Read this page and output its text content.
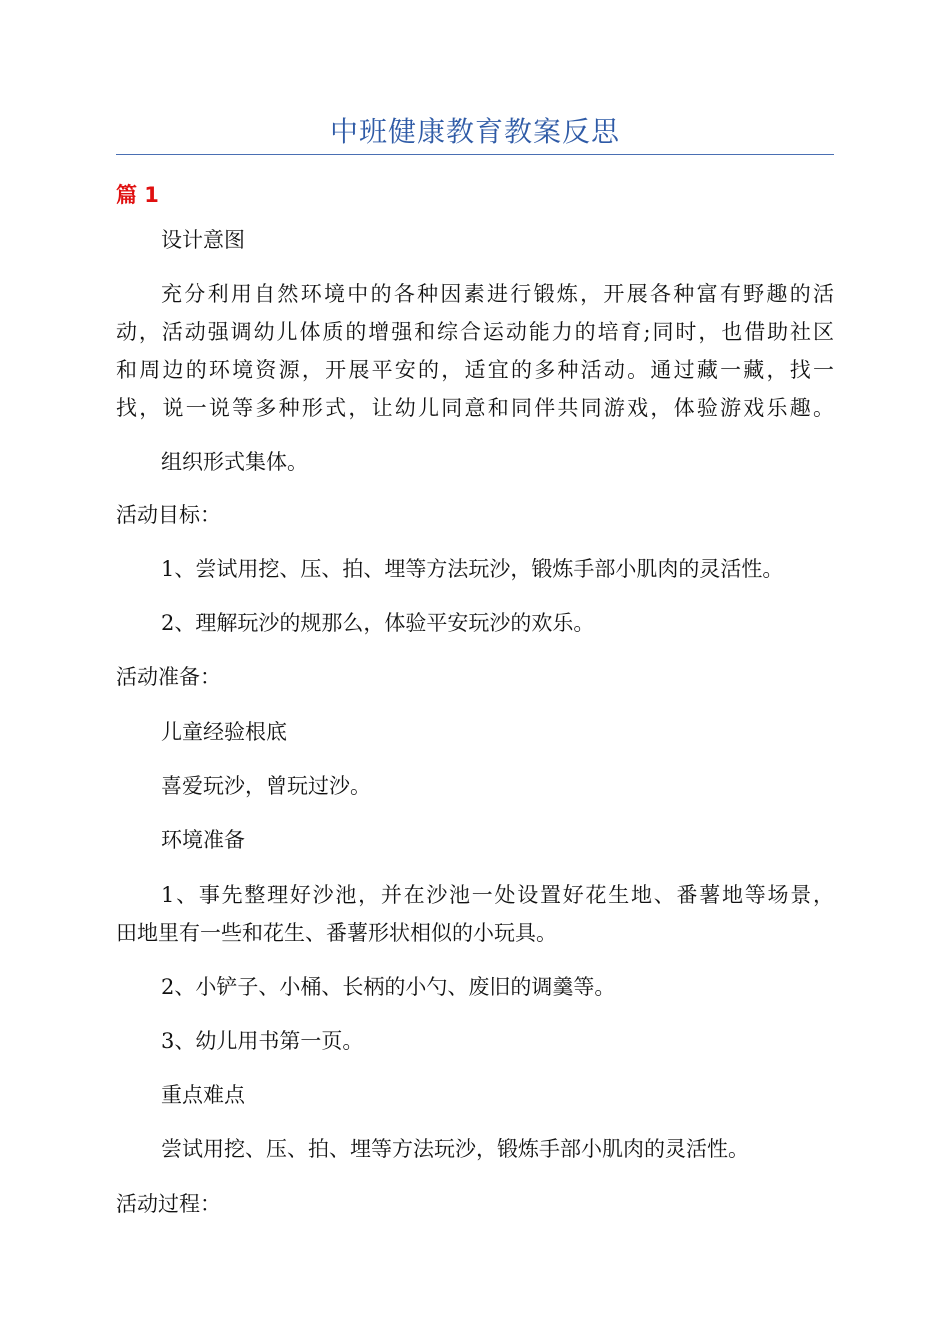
中班健康教育教案反思
篇 1
设计意图
充分利用自然环境中的各种因素进行锻炼，开展各种富有野趣的活
动，活动强调幼儿体质的增强和综合运动能力的培育;同时，也借助社区
和周边的环境资源，开展平安的，适宜的多种活动。通过藏一藏，找一
找，说一说等多种形式，让幼儿同意和同伴共同游戏，体验游戏乐趣。
组织形式集体。
活动目标：
1、尝试用挖、压、拍、埋等方法玩沙，锻炼手部小肌肉的灵活性。
2、理解玩沙的规那么，体验平安玩沙的欢乐。
活动准备：
儿童经验根底
喜爱玩沙，曾玩过沙。
环境准备
1、事先整理好沙池，并在沙池一处设置好花生地、番薯地等场景，
田地里有一些和花生、番薯形状相似的小玩具。
2、小铲子、小桶、长柄的小勺、废旧的调羹等。
3、幼儿用书第一页。
重点难点
尝试用挖、压、拍、埋等方法玩沙，锻炼手部小肌肉的灵活性。
活动过程：
